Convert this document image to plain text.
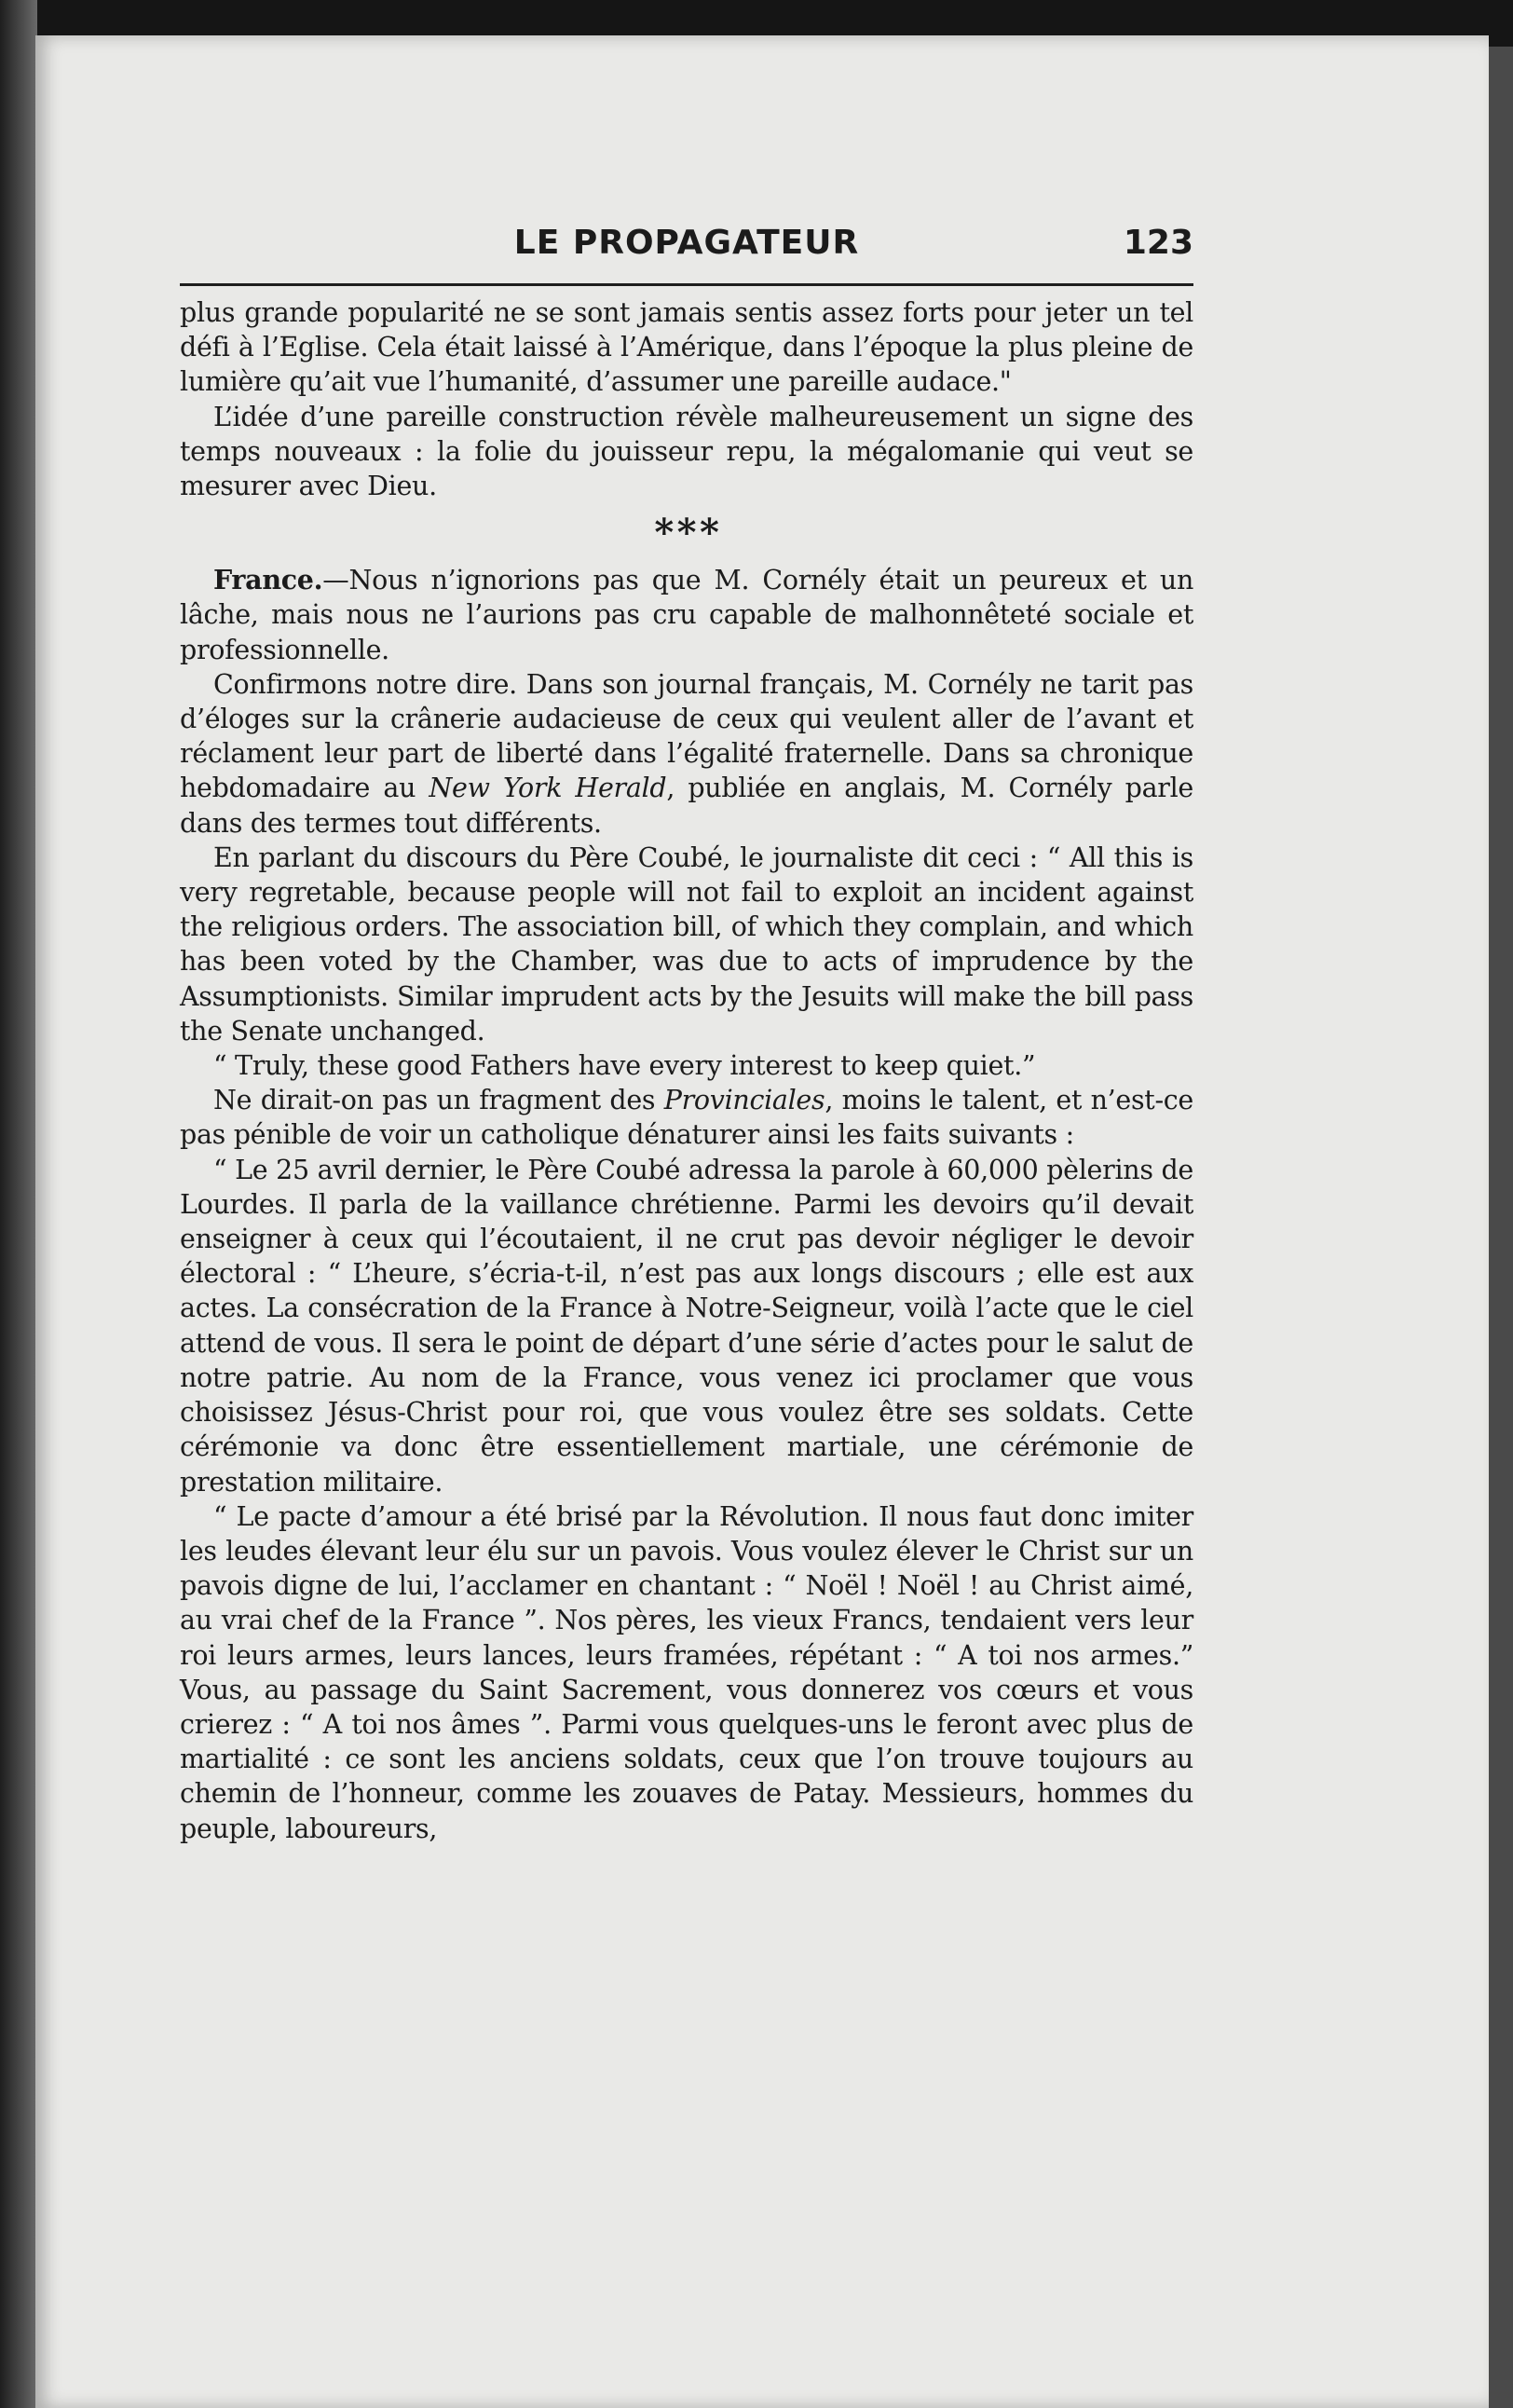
LE PROPAGATEUR	123

plus grande popularité ne se sont jamais sentis assez forts pour jeter un tel défi à l’Eglise. Cela était laissé à l’Amérique, dans l’époque la plus pleine de lumière qu’ait vue l’humanité, d’assumer une pareille audace."

L’idée d’une pareille construction révèle malheureusement un signe des temps nouveaux : la folie du jouisseur repu, la mégalomanie qui veut se mesurer avec Dieu.

* * *

France.—Nous n’ignorions pas que M. Cornély était un peureux et un lâche, mais nous ne l’aurions pas cru capable de malhonnêteté sociale et professionnelle.

Confirmons notre dire. Dans son journal français, M. Cornély ne tarit pas d’éloges sur la crânerie audacieuse de ceux qui veulent aller de l’avant et réclament leur part de liberté dans l’égalité fraternelle. Dans sa chronique hebdomadaire au New York Herald, publiée en anglais, M. Cornély parle dans des termes tout différents.

En parlant du discours du Père Coubé, le journaliste dit ceci : “ All this is very regretable, because people will not fail to exploit an incident against the religious orders. The association bill, of which they complain, and which has been voted by the Chamber, was due to acts of imprudence by the Assumptionists. Similar imprudent acts by the Jesuits will make the bill pass the Senate unchanged.

“ Truly, these good Fathers have every interest to keep quiet.”

Ne dirait-on pas un fragment des Provinciales, moins le talent, et n’est-ce pas pénible de voir un catholique dénaturer ainsi les faits suivants :

“ Le 25 avril dernier, le Père Coubé adressa la parole à 60,000 pèlerins de Lourdes. Il parla de la vaillance chrétienne. Parmi les devoirs qu’il devait enseigner à ceux qui l’écoutaient, il ne crut pas devoir négliger le devoir électoral : “ L’heure, s’écria-t-il, n’est pas aux longs discours ; elle est aux actes. La consécration de la France à Notre-Seigneur, voilà l’acte que le ciel attend de vous. Il sera le point de départ d’une série d’actes pour le salut de notre patrie. Au nom de la France, vous venez ici proclamer que vous choisissez Jésus-Christ pour roi, que vous voulez être ses soldats. Cette cérémonie va donc être essentiellement martiale, une cérémonie de prestation militaire.

“ Le pacte d’amour a été brisé par la Révolution. Il nous faut donc imiter les leudes élevant leur élu sur un pavois. Vous voulez élever le Christ sur un pavois digne de lui, l’acclamer en chantant : “ Noël ! Noël ! au Christ aimé, au vrai chef de la France ”. Nos pères, les vieux Francs, tendaient vers leur roi leurs armes, leurs lances, leurs framées, répétant : “ A toi nos armes.” Vous, au passage du Saint Sacrement, vous donnerez vos cœurs et vous crierez : “ A toi nos âmes ”. Parmi vous quelques-uns le feront avec plus de martialité : ce sont les anciens soldats, ceux que l’on trouve toujours au chemin de l’honneur, comme les zouaves de Patay. Messieurs, hommes du peuple, laboureurs,
